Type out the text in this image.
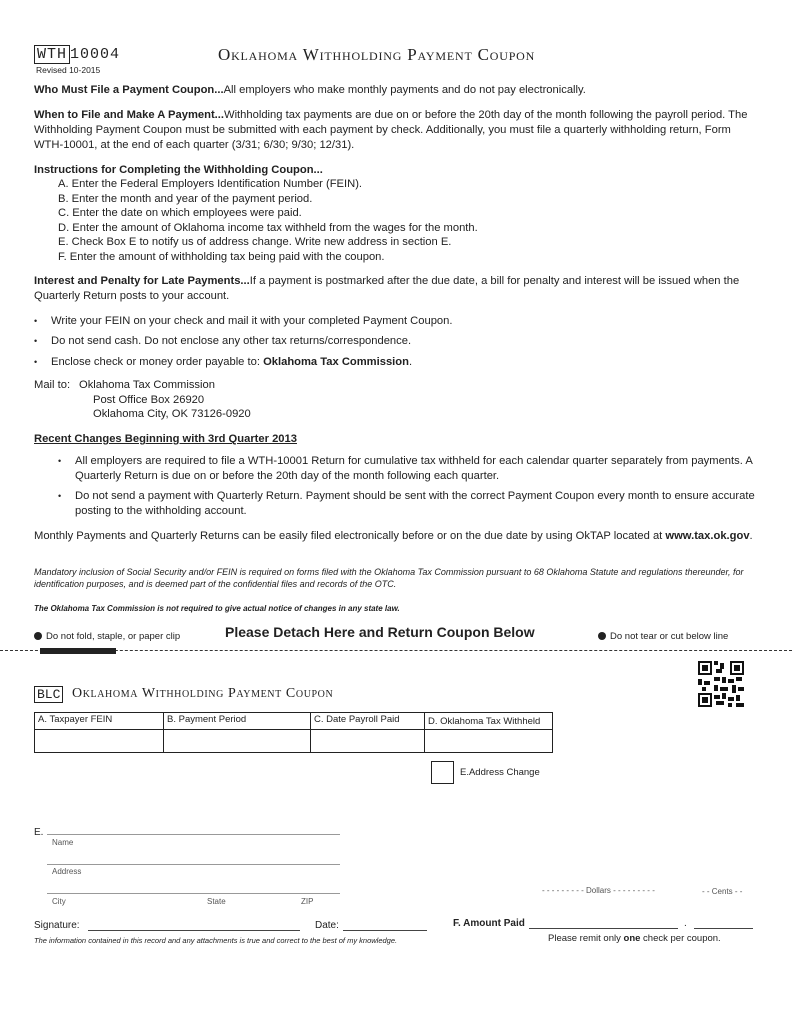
WTH 10004
Revised 10-2015
Oklahoma Withholding Payment Coupon
Who Must File a Payment Coupon...All employers who make monthly payments and do not pay electronically.
When to File and Make A Payment...Withholding tax payments are due on or before the 20th day of the month following the payroll period. The Withholding Payment Coupon must be submitted with each payment by check. Additionally, you must file a quarterly withholding return, Form WTH-10001, at the end of each quarter (3/31; 6/30; 9/30; 12/31).
Instructions for Completing the Withholding Coupon...
A. Enter the Federal Employers Identification Number (FEIN).
B. Enter the month and year of the payment period.
C. Enter the date on which employees were paid.
D. Enter the amount of Oklahoma income tax withheld from the wages for the month.
E. Check Box E to notify us of address change. Write new address in section E.
F. Enter the amount of withholding tax being paid with the coupon.
Interest and Penalty for Late Payments...If a payment is postmarked after the due date, a bill for penalty and interest will be issued when the Quarterly Return posts to your account.
• Write your FEIN on your check and mail it with your completed Payment Coupon.
• Do not send cash. Do not enclose any other tax returns/correspondence.
• Enclose check or money order payable to: Oklahoma Tax Commission.
Mail to: Oklahoma Tax Commission
Post Office Box 26920
Oklahoma City, OK 73126-0920
Recent Changes Beginning with 3rd Quarter 2013
• All employers are required to file a WTH-10001 Return for cumulative tax withheld for each calendar quarter separately from payments. A Quarterly Return is due on or before the 20th day of the month following each quarter.
• Do not send a payment with Quarterly Return. Payment should be sent with the correct Payment Coupon every month to ensure accurate posting to the withholding account.
Monthly Payments and Quarterly Returns can be easily filed electronically before or on the due date by using OkTAP located at www.tax.ok.gov.
Mandatory inclusion of Social Security and/or FEIN is required on forms filed with the Oklahoma Tax Commission pursuant to 68 Oklahoma Statute and regulations thereunder, for identification purposes, and is deemed part of the confidential files and records of the OTC.
The Oklahoma Tax Commission is not required to give actual notice of changes in any state law.
Do not fold, staple, or paper clip	Please Detach Here and Return Coupon Below	Do not tear or cut below line
BLC Oklahoma Withholding Payment Coupon
A. Taxpayer FEIN	B. Payment Period	C. Date Payroll Paid	D. Oklahoma Tax Withheld

E.Address Change
E.
Name
Address
City	State	ZIP
- - - - - - - - - Dollars - - - - - - - - -	- - Cents - -
Signature:	Date:
The information contained in this record and any attachments is true and correct to the best of my knowledge.
F. Amount Paid	.
Please remit only one check per coupon.
